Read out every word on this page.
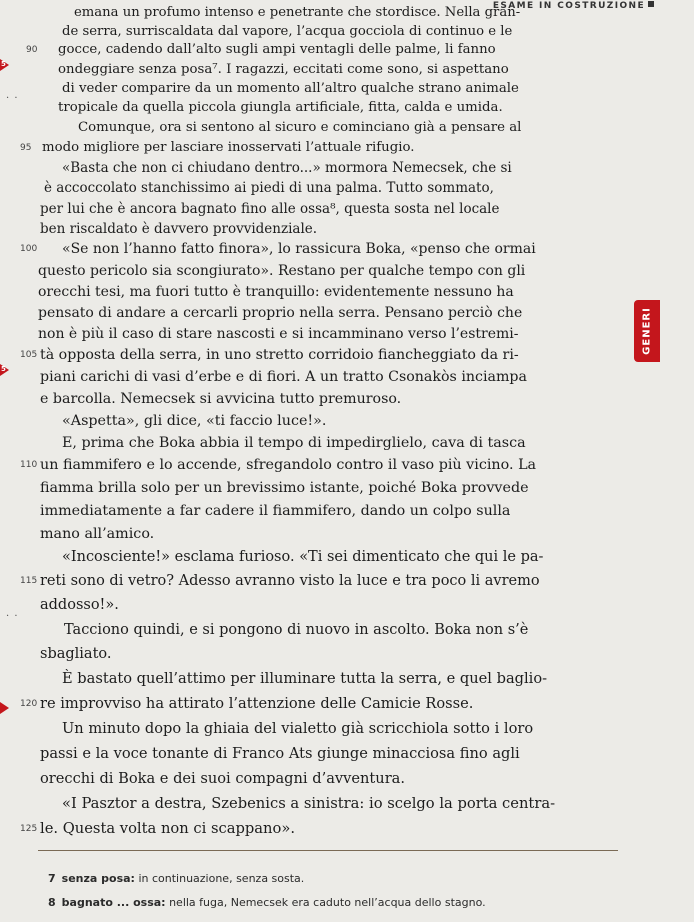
ESAME IN COSTRUZIONE
GENERI
emana un profumo intenso e penetrante che stordisce. Nella gran-
de serra, surriscaldata dal vapore, l’acqua gocciola di continuo e le
5
90	gocce, cadendo dall’alto sugli ampi ventagli delle palme, li fanno
ondeggiare senza posa⁷. I ragazzi, eccitati come sono, si aspettano
di veder comparire da un momento all’altro qualche strano animale
· ·
tropicale da quella piccola giungla artificiale, fitta, calda e umida.
Comunque, ora si sentono al sicuro e cominciano già a pensare al
95 modo migliore per lasciare inosservati l’attuale rifugio.
«Basta che non ci chiudano dentro...» mormora Nemecsek, che si
è accoccolato stanchissimo ai piedi di una palma. Tutto sommato,
per lui che è ancora bagnato fino alle ossa⁸, questa sosta nel locale
ben riscaldato è davvero provvidenziale.
100	«Se non l’hanno fatto finora», lo rassicura Boka, «penso che ormai
questo pericolo sia scongiurato». Restano per qualche tempo con gli
orecchi tesi, ma fuori tutto è tranquillo: evidentemente nessuno ha
pensato di andare a cercarli proprio nella serra. Pensano perciò che
non è più il caso di stare nascosti e si incamminano verso l’estremi-
5
105 tà opposta della serra, in uno stretto corridoio fiancheggiato da ri-
piani carichi di vasi d’erbe e di fiori. A un tratto Csonakòs inciampa
e barcolla. Nemecsek si avvicina tutto premuroso.
«Aspetta», gli dice, «ti faccio luce!».
E, prima che Boka abbia il tempo di impedirglielo, cava di tasca
110 un fiammifero e lo accende, sfregandolo contro il vaso più vicino. La
fiamma brilla solo per un brevissimo istante, poiché Boka provvede
immediatamente a far cadere il fiammifero, dando un colpo sulla
mano all’amico.
«Incosciente!» esclama furioso. «Ti sei dimenticato che qui le pa-
115 reti sono di vetro? Adesso avranno visto la luce e tra poco li avremo
addosso!».
· ·
Tacciono quindi, e si pongono di nuovo in ascolto. Boka non s’è
sbagliato.
È bastato quell’attimo per illuminare tutta la serra, e quel baglio-
120 re improvviso ha attirato l’attenzione delle Camicie Rosse.
Un minuto dopo la ghiaia del vialetto già scricchiola sotto i loro
passi e la voce tonante di Franco Ats giunge minacciosa fino agli
orecchi di Boka e dei suoi compagni d’avventura.
«I Pasztor a destra, Szebenics a sinistra: io scelgo la porta centra-
125 le. Questa volta non ci scappano».
7 senza posa: in continuazione, senza sosta.
8 bagnato ... ossa: nella fuga, Nemecsek era caduto nell’acqua dello stagno.
